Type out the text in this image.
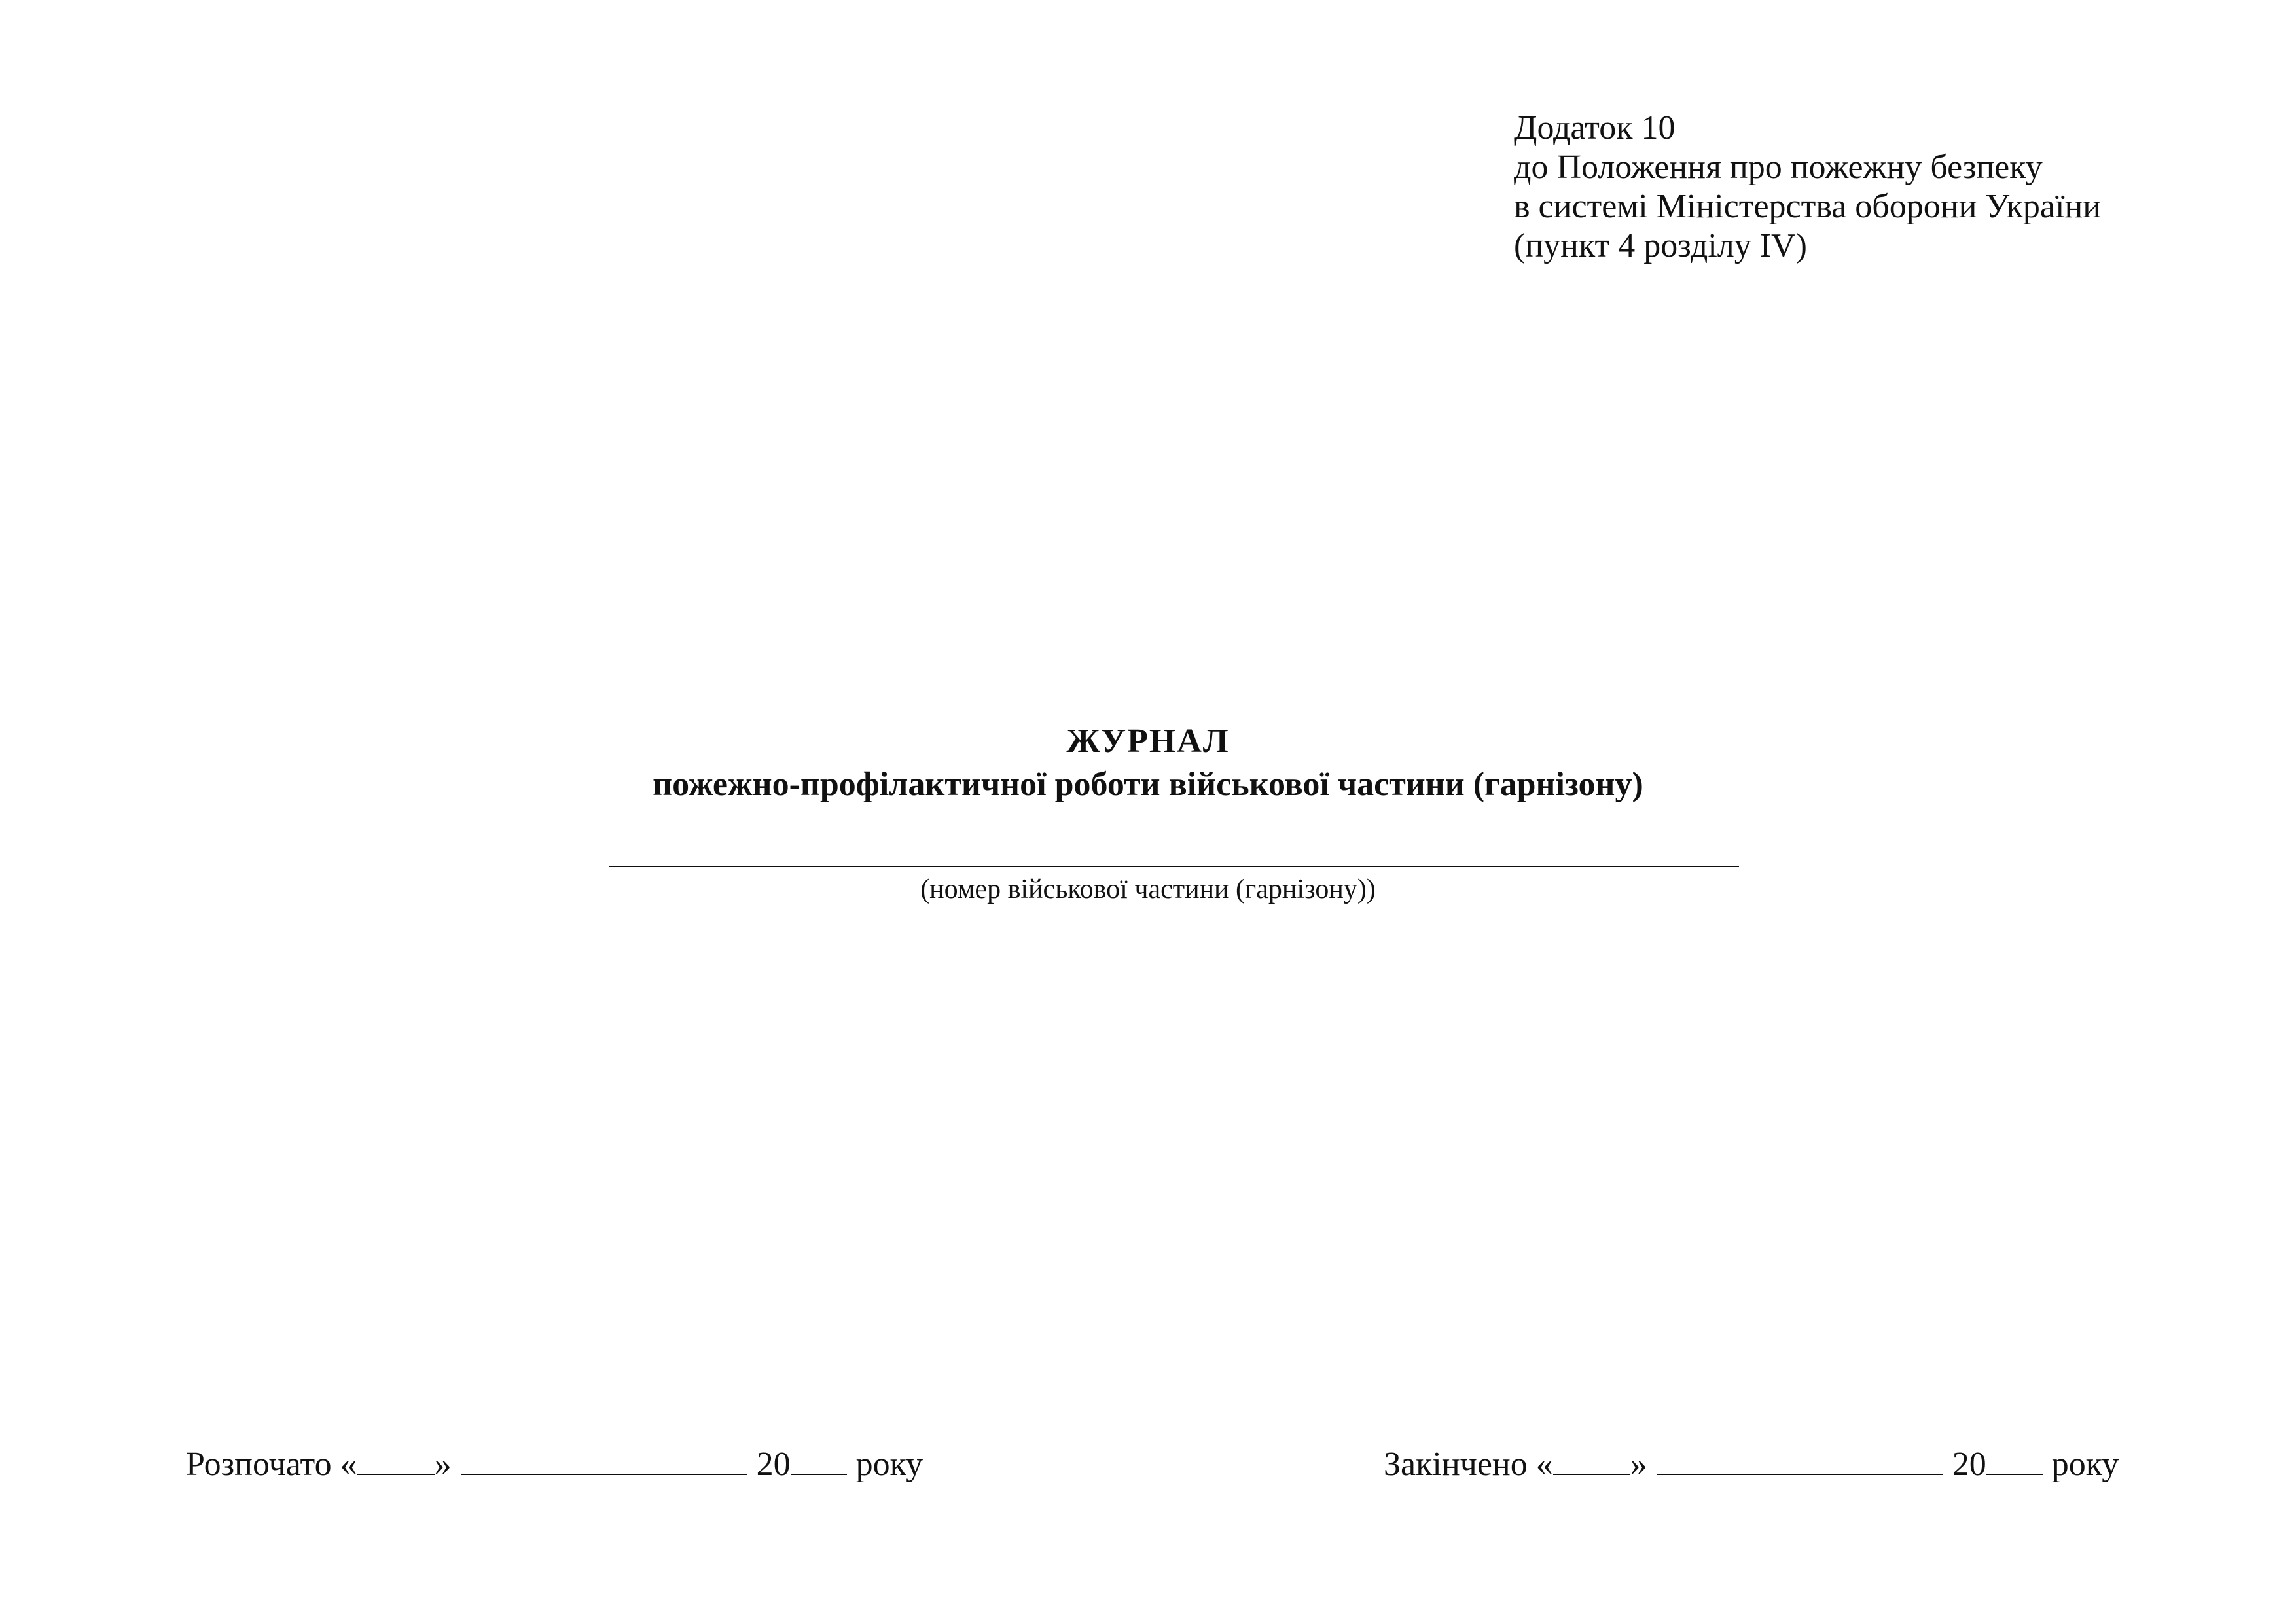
Додаток 10
до Положення про пожежну безпеку
в системі Міністерства оборони України
(пункт 4 розділу IV)
ЖУРНАЛ
пожежно-профілактичної роботи військової частини (гарнізону)
(номер військової частини (гарнізону))
Розпочато « »	20 року	Закінчено « »	20 року
